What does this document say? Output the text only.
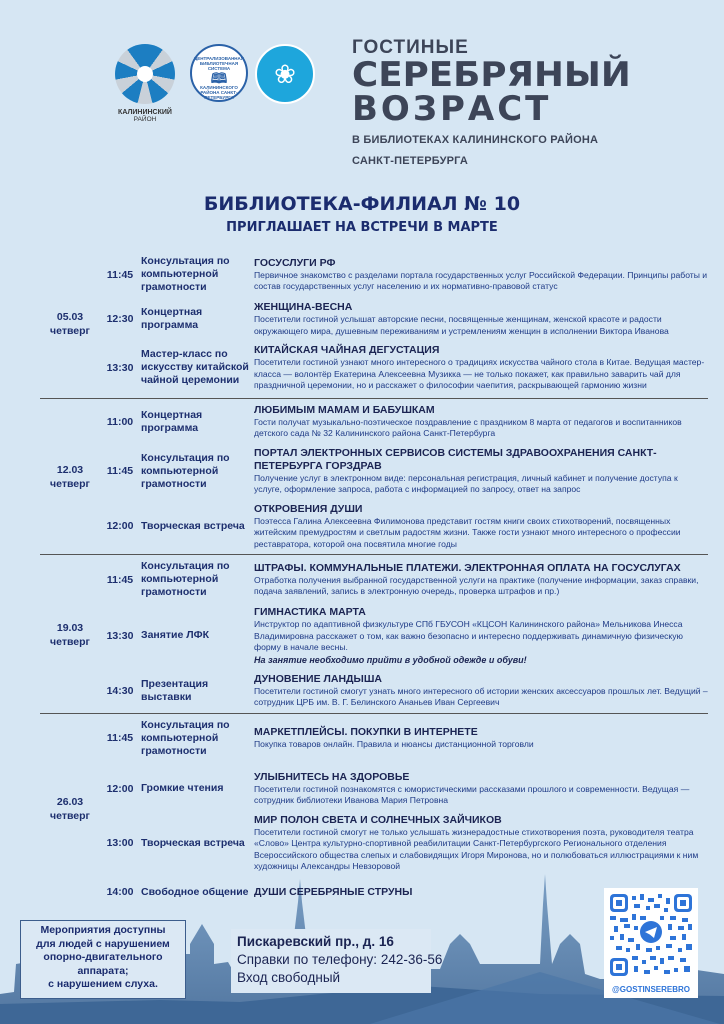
КАЛИНИНСКИЙ
РАЙОН
ЦЕНТРАЛИЗОВАННАЯ БИБЛИОТЕЧНАЯ СИСТЕМА
🕮
КАЛИНИНСКОГО РАЙОНА САНКТ-ПЕТЕРБУРГА
❀
ГОСТИНЫЕ
СЕРЕБРЯНЫЙ
ВОЗРАСТ
В БИБЛИОТЕКАХ КАЛИНИНСКОГО РАЙОНА
САНКТ-ПЕТЕРБУРГА
БИБЛИОТЕКА-ФИЛИАЛ № 10
ПРИГЛАШАЕТ НА ВСТРЕЧИ В МАРТЕ
05.03
четверг
11:45
Консультация по компьютерной грамотности
ГОСУСЛУГИ РФ
Первичное знакомство с разделами портала государственных услуг Российской Федерации. Принципы работы и состав государственных услуг населению и их нормативно-правовой статус
12:30
Концертная программа
ЖЕНЩИНА-ВЕСНА
Посетители гостиной услышат авторские песни, посвященные женщинам, женской красоте и радости окружающего мира, душевным переживаниям и устремлениям женщин в исполнении Виктора Иванова
13:30
Мастер-класс по искусству китайской чайной церемонии
КИТАЙСКАЯ ЧАЙНАЯ ДЕГУСТАЦИЯ
Посетители гостиной узнают много интересного о традициях искусства чайного стола в Китае. Ведущая мастер-класса — волонтёр Екатерина Алексеевна Музикка — не только покажет, как правильно заварить чай для праздничной церемонии, но и расскажет о философии чаепития, раскрывающей гармонию жизни
12.03
четверг
11:00
Концертная программа
ЛЮБИМЫМ МАМАМ И БАБУШКАМ
Гости получат музыкально-поэтическое поздравление с праздником 8 марта от педагогов и воспитанников детского сада № 32 Калининского района Санкт-Петербурга
11:45
Консультация по компьютерной грамотности
ПОРТАЛ ЭЛЕКТРОННЫХ СЕРВИСОВ СИСТЕМЫ ЗДРАВООХРАНЕНИЯ САНКТ-ПЕТЕРБУРГА ГОРЗДРАВ
Получение услуг в электронном виде: персональная регистрация, личный кабинет и получение доступа к услуге, оформление запроса, работа с информацией по запросу, ответ на запрос
12:00 Творческая встреча
ОТКРОВЕНИЯ ДУШИ
Поэтесса Галина Алексеевна Филимонова представит гостям книги своих стихотворений, посвященных житейским премудростям и светлым радостям жизни. Также гости узнают много интересного о профессии реставратора, которой она посвятила многие годы
19.03
четверг
11:45
Консультация по компьютерной грамотности
ШТРАФЫ. КОММУНАЛЬНЫЕ ПЛАТЕЖИ. ЭЛЕКТРОННАЯ ОПЛАТА НА ГОСУСЛУГАХ
Отработка получения выбранной государственной услуги на практике (получение информации, заказ справки, подача заявлений, запись в электронную очередь, проверка штрафов и пр.)
13:30 Занятие ЛФК
ГИМНАСТИКА МАРТА
Инструктор по адаптивной физкультуре СПб ГБУСОН «КЦСОН Калининского района» Мельникова Инесса Владимировна расскажет о том, как важно безопасно и интересно поддерживать динамичную физическую форму в начале весны.
На занятие необходимо прийти в удобной одежде и обуви!
14:30
Презентация выставки
ДУНОВЕНИЕ ЛАНДЫША
Посетители гостиной смогут узнать много интересного об истории женских аксессуаров прошлых лет. Ведущий – сотрудник ЦРБ им. В. Г. Белинского Ананьев Иван Сергеевич
26.03
четверг
11:45
Консультация по компьютерной грамотности
МАРКЕТПЛЕЙСЫ. ПОКУПКИ В ИНТЕРНЕТЕ
Покупка товаров онлайн. Правила и нюансы дистанционной торговли
12:00 Громкие чтения
УЛЫБНИТЕСЬ НА ЗДОРОВЬЕ
Посетители гостиной познакомятся с юмористическими рассказами прошлого и современности. Ведущая — сотрудник библиотеки Иванова Мария Петровна
13:00 Творческая встреча
МИР ПОЛОН СВЕТА И СОЛНЕЧНЫХ ЗАЙЧИКОВ
Посетители гостиной смогут не только услышать жизнерадостные стихотворения поэта, руководителя театра «Слово» Центра культурно-спортивной реабилитации Санкт-Петербургского Регионального отделения Всероссийского общества слепых и слабовидящих Игоря Миронова, но и полюбоваться иллюстрациями к ним художницы Александры Невзоровой
14:00 Свободное общение ДУШИ СЕРЕБРЯНЫЕ СТРУНЫ
Мероприятия доступны
для людей с нарушением
опорно-двигательного
аппарата;
с нарушением слуха.
Пискаревский пр., д. 16
Справки по телефону: 242-36-56
Вход свободный
@GOSTINSEREBRO
